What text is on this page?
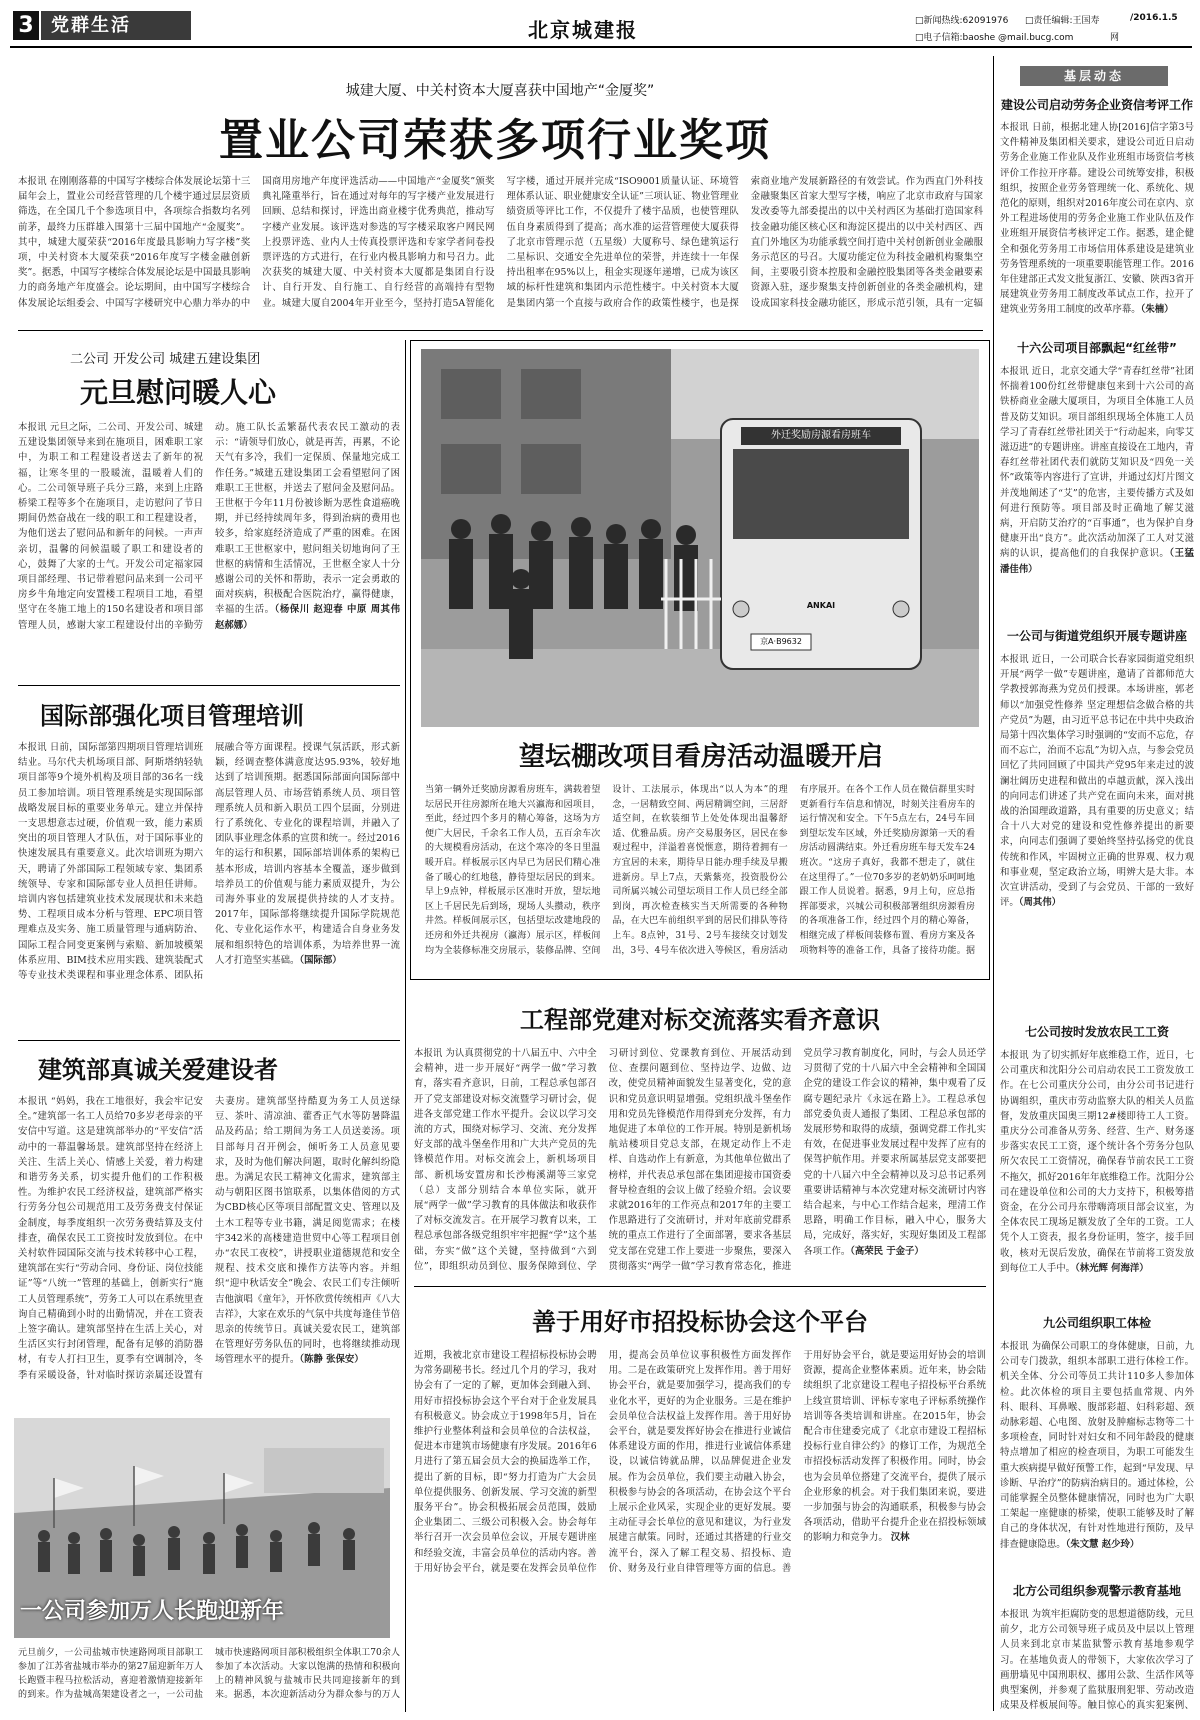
3 党群生活	北京城建报	□新闻热线:62091976	□责任编辑:王国寿	/2016.1.5
□电子信箱:baoshe @mail.bucg.com	网
基层动态
建设公司启动劳务企业资信考评工作
本报讯 日前，根据北建人协[2016]信字第3号文件精神及集团相关要求，建设公司近日启动劳务企业施工作业队及作业班组市场资信考核评价工作拉开序幕。建设公司统筹安排，积极组织，按照企业劳务管理统一化、系统化、规范化的原则，组织对2016年度公司在京内、京外工程进场使用的劳务企业施工作业队伍及作业班组开展资信考核评定工作。据悉，建企健全和强化劳务用工市场信用体系建设是建筑业劳务管理系统的一项重要职能管理工作。2016年住建部正式发文批复浙江、安徽、陕西3省开展建筑业劳务用工制度改革试点工作，拉开了建筑业劳务用工制度的改革序幕。（朱楠）
十六公司项目部飘起“红丝带”
本报讯 近日，北京交通大学“青春红丝带”社团怀揣着100份红丝带健康包来到十六公司的高铁桥商业金融大厦项目，为项目全体施工人员普及防艾知识。项目部组织现场全体施工人员学习了青春红丝带社团关于“行动起来，向零艾滋迈进”的专题讲座。讲座直接设在工地内，青春红丝带社团代表们就防艾知识及“四免一关怀”政策等内容进行了宣讲，并通过幻灯片图文并茂地阐述了“艾”的危害，主要传播方式及如何进行预防等。项目部及时正确地了解艾滋病，开启防艾治疗的“百事通”，也为保护自身健康开出“良方”。此次活动加深了工人对艾滋病的认识，提高他们的自我保护意识。（王猛 潘佳伟）
一公司与街道党组织开展专题讲座
本报讯 近日，一公司联合长春家园街道党组织开展“两学一做”专题讲座，邀请了首都师范大学教授郭海燕为党员们授课。本场讲座，郭老师以“加强党性修养 坚定理想信念做合格的共产党员”为题，由习近平总书记在中共中央政治局第十四次集体学习时强调的“安而不忘危，存而不忘亡，治而不忘乱”为切入点，与参会党员回忆了共同回顾了中国共产党95年来走过的波澜壮阔历史进程和做出的卓越贡献，深入浅出的向同志们讲述了共产党在面向未来，面对挑战的治国理政道路，具有重要的历史意义；结合十八大对党的建设和党性修养提出的新要求，向同志们强调了要始终坚持弘扬党的优良传统和作风，牢固树立正确的世界观、权力观和事业观，坚定政治立场，明辨大是大非。本次宣讲活动，受到了与会党员、干部的一致好评。（周其伟）
七公司按时发放农民工工资
本报讯 为了切实抓好年底维稳工作，近日，七公司重庆和沈阳分公司启动农民工工资发放工作。在七公司重庆分公司，由分公司书记进行协调组织，重庆市劳动监察大队的相关人员监督，发放重庆国奥三期12#楼即待工人工资。重庆分公司准备从劳务、经营、生产、财务逐步落实农民工工资，逐个统计各个劳务分包队所欠农民工工资情况，确保春节前农民工工资不拖欠，抓好2016年年底维稳工作。沈阳分公司在建设单位和公司的大力支持下，积极筹措资金，在分公司丹东带嗨湾项目部会议室，为全体农民工现场足额发放了全年的工资。工人凭个人工资表，报名身份证明，签字，接手回收，核对无误后发放，确保在节前将工资发放到每位工人手中。（林光辉 何海洋）
九公司组织职工体检
本报讯 为确保公司职工的身体健康，日前，九公司专门拨款，组织本部职工进行体检工作。机关全体、分公司等员工共计110多人参加体检。此次体检的项目主要包括血常规、内外科、眼科、耳鼻喉、腹部彩超、妇科彩超、颈动脉彩超、心电图、放射及肿瘤标志物等二十多项检查，同时针对妇女和不同年龄段的健康特点增加了相应的检查项目，为职工可能发生重大疾病提早做好预警工作，起到“早发现、早诊断、早治疗”的防病治病目的。通过体检，公司能掌握全员整体健康情况，同时也为广大职工架起一座健康的桥梁，使职工能够及时了解自己的身体状况，有针对性地进行预防，及早排查健康隐患。（朱文慧 赵少玲）
北方公司组织参观警示教育基地
本报讯 为筑牢拒腐防变的思想道德防线，元旦前夕，北方公司领导班子成员及中层以上管理人员来到北京市某监狱警示教育基地参观学习。在基地负责人的带领下，大家依次学习了画册墙见中国刑职权、挪用公款、生活作风等典型案例，并参观了监狱服刑犯罪、劳动改造成果及样板展间等。触目惊心的真实犯案例、
城建大厦、中关村资本大厦喜获中国地产“金厦奖”
置业公司荣获多项行业奖项
本报讯 在刚刚落幕的中国写字楼综合体发展论坛第十三届年会上，置业公司经营管理的几个楼宇通过层层资质筛选，在全国几千个参选项目中，各项综合指数均名列前茅，最终力压群雄入围第十三届中国地产“金厦奖”。其中，城建大厦荣获“2016年度最具影响力写字楼”奖项，中关村资本大厦荣获“2016年度写字楼金融创新奖”。据悉，中国写字楼综合体发展论坛是中国最具影响力的商务地产年度盛会。论坛期间，由中国写字楼综合体发展论坛组委会、中国写字楼研究中心鼎力举办的中国商用房地产年度评选活动——中国地产“金厦奖”颁奖典礼隆重举行，旨在通过对每年的写字楼产业发展进行回顾、总结和探讨，评选出商业楼宇优秀典范，推动写字楼产业发展。该评选对参选的写字楼采取客户网民网上投票评选、业内人士传真投票评选和专家学者问卷投票评选的方式进行，在行业内极具影响力和号召力。此次获奖的城建大厦、中关村资本大厦都是集团自行设计、自行开发、自行施工、自行经营的高端持有型物业。城建大厦自2004年开业至今，坚持打造5A智能化写字楼，通过开展并完成“ISO9001质量认证、环境管理体系认证、职业健康安全认证”三项认证、物业管理业绩资质等评比工作，不仅提升了楼宇品质，也使管理队伍自身素质得到了提高；高水准的运营管理使大厦获得了北京市管理示范（五星级）大厦称号、绿色建筑运行二星标识、交通安全先进单位的荣誉，并连续十一年保持出租率在95%以上，租金实现逐年递增，已成为该区域的标杆性建筑和集团内示范性楼宇。中关村资本大厦是集团内第一个直接与政府合作的政策性楼宇，也是探索商业地产发展新路径的有效尝试。作为西直门外科技金融聚集区首家大型写字楼，响应了北京市政府与国家发改委等九部委提出的以中关村西区为基础打造国家科技金融功能区核心区和海淀区提出的以中关村西区、西直门外地区为功能承载空间打造中关村创新创业金融服务示范区的号召。大厦功能定位为科技金融机构聚集空间，主要吸引资本控股和金融控股集团等各类金融要素资源入驻，逐步聚集支持创新创业的各类金融机构，建设成国家科技金融功能区，形成示范引领，具有一定辐
二公司 开发公司 城建五建设集团
元旦慰问暖人心
本报讯 元旦之际，二公司、开发公司、城建五建设集团领导来到在施项目，困难职工家中，为职工和工程建设者送去了新年的祝福，让寒冬里的一股暖流，温暖着人们的心。二公司领导班子兵分三路，来到上庄路桥梁工程等多个在施项目，走访慰问了节日期间仍然奋战在一线的职工和工程建设者，为他们送去了慰问品和新年的问候。一声声亲切，温馨的问候温暖了职工和建设者的心，鼓舞了大家的士气。开发公司定福家园项目部经理、书记带着慰问品来到一公司平房乡牛角地定向安置楼工程项目工地，看望坚守在冬施工地上的150名建设者和项目部管理人员，感谢大家工程建设付出的辛勤劳动。施工队长孟繁磊代表农民工激动的表示：“请领导们放心，就是再苦，再累，不论天气有多冷，我们一定保质、保量地完成工作任务。”城建五建设集团工会看望慰问了困难职工王世枢，并送去了慰问金及慰问品。王世枢于今年11月份被诊断为恶性食道癌晚期，并已经持续周年多，得到治病的费用也较多，给家庭经济造成了严重的困难。在困难职工王世枢家中，慰问组关切地询问了王世枢的病情和生活情况，王世枢全家人十分感谢公司的关怀和帮助，表示一定会勇敢的面对疾病，积极配合医院治疗，赢得健康，幸福的生活。（杨保川 赵迎春 中原 周其伟 赵郝娜）
国际部强化项目管理培训
本报讯 日前，国际部第四期项目管理培训班结业。马尔代夫机场项目部、阿斯塔纳轻轨项目部等9个境外机构及项目部的36名一线员工参加培训。项目管理系统是实现国际部战略发展目标的重要业务单元。建立并保持一支思想意志过硬，价值观一致，能力素质突出的项目管理人才队伍，对于国际事业的快速发展具有重要意义。此次培训班为期六天，聘请了外部国际工程领域专家、集团系统领导、专家和国际部专业人员担任讲师。培训内容包括建筑业技术发展现状和未来趋势、工程项目成本分析与管理、EPC项目管理难点及实务、施工质量管理与通病防治、国际工程合同变更案例与索赔、新加坡模架体系应用、BIM技术应用实践、建筑装配式等专业技术类课程和事业理念体系、团队拓展融合等方面课程。授课气氛活跃，形式新颖，经调查整体满意度达95.93%，较好地达到了培训预期。据悉国际部面向国际部中高层管理人员、市场营销系统人员、项目管理系统人员和新入职员工四个层面，分别进行了系统化、专业化的课程培训，并融入了团队事业理念体系的宣贯和统一。经过2016年的运行和积累，国际部培训体系的架构已基本形成，培训内容基本全覆盖，逐步做到培养员工的价值观与能力素质双提升，为公司海外事业的发展提供持续的人才支持。2017年，国际部将继续提升国际学院规范化、专业化运作水平，构建适合自身业务发展和组织特色的培训体系，为培养世界一流人才打造坚实基础。（国际部）
建筑部真诚关爱建设者
本报讯 “妈妈，我在工地很好，我会牢记安全。”建筑部一名工人员给70多岁老母亲的平安信中写道。这是建筑部举办的“平安信”活动中的一幕温馨场景。建筑部坚持在经济上关注、生活上关心、情感上关爱，着力构建和谐劳务关系，切实提升他们的工作积极性。为维护农民工经济权益，建筑部严格实行劳务分包公司规范用工及劳务费支付保证金制度，每季度组织一次劳务费结算及支付排查，确保农民工工资按时发放到位。在中关村软件园国际交流与技术转移中心工程，建筑部在实行“劳动合同、身份证、岗位技能证”等“八统一”管理的基础上，创新实行“施工人员管理系统”，劳务工人可以在系统里查询自己精确到小时的出勤情况，并在工资表上签字确认。建筑部坚持在生活上关心，对生活区实行封闭管理，配备有足够的消防器材，有专人打扫卫生，夏季有空调制冷，冬季有采暖设备，针对临时探访亲属还设置有夫妻房。建筑部坚持酷夏为务工人员送绿豆、茶叶、清凉油、藿香正气水等防暑降温品及药品；给工期间为务工人员送姜汤。项目部每月召开例会，倾听务工人员意见要求，及时为他们解决问题，取时化解纠纷隐患。为满足农民工精神文化需求，建筑部主动与朝阳区图书馆联系，以集体借阅的方式为CBD核心区等项目部配置文史、管理以及土木工程等专业书籍，满足阅览需求；在楼宇342米的高楼建造世贸中心等工程项目创办“农民工夜校”，讲授职业道德规范和安全规程、技术交底和操作方法等内容。并组织“迎中秋话安全”晚会、农民工们专注倾听吉他演唱《童年》，开怀欣赏传统相声《八大吉祥》，大家在欢乐的气氛中共度每逢佳节倍思亲的传统节日。真诚关爱农民工，建筑部在管理好劳务队伍的同时，也将继续推动现场管理水平的提升。（陈静 张保安）
一公司参加万人长跑迎新年
元旦前夕，一公司盐城市快速路网项目部职工参加了江苏省盐城市举办的第27届迎新年万人长跑暨丰程马拉松活动，喜迎着激情迎接新年的到来。作为盐城高架建设者之一，一公司盐城市快速路网项目部积极组织全体职工70余人参加了本次活动。大家以饱满的热情和积极向上的精神风貌与盐城市民共同迎接新年的到来。据悉，本次迎新活动分为群众参与的万人
外迁奖励房源看房班车
ANKAI
京A·B9632
望坛棚改项目看房活动温暖开启
当第一辆外迁奖励房源看房班车，满载着望坛居民开往房源所在地大兴瀛海和园项目，至此，经过四个多月的精心筹备，这场为方便广大居民，千余名工作人员，五百余车次的大规模看房活动，在这个寒冷的冬日里温暖开启。样板展示区内早已为居民们精心准备了暖心的红地毯，静待望坛居民的到来。早上9点钟，样板展示区准时开放，望坛地区上千居民先后到场，现场人头攒动，秩序井然。样板间展示区，包括望坛改建地段的还房和外迁共视房（瀛海）展示区，样板间均为全装修标准交房展示，装修品牌、空间设计、工法展示，体现出“以人为本”的理念，一居精致空间、两居精调空间，三居舒适空间，在软装细节上处处体现出温馨舒适、优雅品质。房产交易服务区，居民在参观过程中，洋溢着喜悦惬意，期待着拥有一方宜居的未来，期待早日能办理手续及早搬进新房。早上7点，天紫紫亮，投资股份公司所属兴城公司望坛项目工作人员已经全部到岗，再次检查核实当天所需要的各种物品，在大巴车前组织平到的居民们排队等待上车。8点钟，31号、2号车接续交讨划发出，3号、4号车依次进入等候区，看房活动有序展开。在各个工作人员在微信群里实时更新看行车信息和情况，时刻关注看房车的运行情况和安全。下午5点左右，24号车回到望坛发车区域，外迁奖励房源第一天的看房活动圆满结束。外迁看房班车每天发车24班次。“这房子真好，我都不想走了，就住在这里得了。”一位70多岁的老奶奶乐呵呵地跟工作人员说着。据悉，9月上旬，应总指挥部要求，兴城公司积极部署组织房源看房的各项准备工作，经过四个月的精心筹备，相继完成了样板间装修布置、看房方案及各项物料等的准备工作，具备了接待功能。据
工程部党建对标交流落实看齐意识
本报讯 为认真贯彻党的十八届五中、六中全会精神，进一步开展好“两学一做”学习教育，落实看齐意识，日前，工程总承包部召开了党支部建设对标交流暨学习研讨会，促进各支部党建工作水平提升。会议以学习交流的方式，围绕对标学习、交流、充分发挥好支部的战斗堡垒作用和广大共产党员的先锋模范作用。对标交流会上，新机场项目部、新机场安置房和长沙梅溪湖等三家党（总）支部分别结合本单位实际，就开展“两学一做”学习教育的具体做法和收获作了对标交流发言。在开展学习教育以来，工程总承包部各级党组织牢牢把握“学”这个基础，夯实“做”这个关键，坚持做到“六到位”，即组织动员到位、服务保障到位、学习研讨到位、党课教育到位、开展活动到位、查摆问题到位、坚持边学、边做、边改，使党员精神面貌发生显著变化，党的意识和党员意识明显增强。党组织战斗堡垒作用和党员先锋模范作用得到充分发挥，有力地促进了本单位的工作开展。特别是新机场航站楼项目党总支部，在规定动作上不走样、自选动作上有新意，为其他单位做出了榜样，并代表总承包部在集团迎接市国资委督导检查组的会议上做了经验介绍。会议要求就2016年的工作亮点和2017年的主要工作思路进行了交流研讨，并对年底前党群系统的重点工作进行了全面部署，要求各基层党支部在党建工作上要进一步聚焦，要深入贯彻落实“两学一做”学习教育常态化，推进党员学习教育制度化，同时，与会人员还学习贯彻了党的十八届六中全会精神和全国国企党的建设工作会议的精神，集中观看了反腐专题纪录片《永远在路上》。工程总承包部党委负责人通报了集团、工程总承包部的发展形势和取得的成绩，强调党群工作扎实有效，在促进事业发展过程中发挥了应有的保驾护航作用。并要求所属基层党支部要把党的十八届六中全会精神以及习总书记系列重要讲话精神与本次党建对标交流研讨内容结合起来，与中心工作结合起来，理清工作思路，明确工作目标，融入中心，服务大局，完成好，落实好，实现好集团及工程部各项工作。（高荣民 于金子）
善于用好市招投标协会这个平台
近期，我被北京市建设工程招标投标协会聘为常务副秘书长。经过几个月的学习，我对协会有了一定的了解，更加体会到融入到、用好市招投标协会这个平台对于企业发展具有积极意义。协会成立于1998年5月，旨在维护行业整体利益和会员单位的合法权益，促进本市建筑市场健康有序发展。2016年6月进行了第五届会员大会的换届选举工作，提出了新的目标，即“努力打造为广大会员单位提供服务、创新发展、学习交流的新型服务平台”。协会积极拓展会员范围，鼓励企业集团二、三级公司积极入会。协会每年举行召开一次会员单位会议，开展专题讲座和经验交流，丰富会员单位的活动内容。善于用好协会平台，就是要在发挥会员单位作用，提高会员单位议事积极性方面发挥作用。二是在政策研究上发挥作用。善于用好协会平台，就是要加强学习，提高我们的专业化水平，更好的为企业服务。三是在维护会员单位合法权益上发挥作用。善于用好协会平台，就是要发挥好协会在推进行业诚信体系建设方面的作用，推进行业诚信体系建设，以诚信铸就品牌，以品牌促进企业发展。作为会员单位，我们要主动融入协会，积极参与协会的各项活动，在协会这个平台上展示企业风采，实现企业的更好发展。要主动征寻会长单位的意见和建议，为行业发展建言献策。同时，还通过其搭建的行业交流平台，深入了解工程交易、招投标、造价、财务及行业自律管理等方面的信息。善于用好协会平台，就是要运用好协会的培训资源，提高企业整体素质。近年来，协会陆续组织了北京建设工程电子招投标平台系统上线宣贯培训、评标专家电子评标系统操作培训等各类培训和讲座。在2015年，协会配合市住建委完成了《北京市建设工程招标投标行业自律公约》的修订工作，为规范全市招投标活动发挥了积极作用。同时，协会也为会员单位搭建了交流平台，提供了展示企业形象的机会。对于我们集团来说，要进一步加强与协会的沟通联系，积极参与协会各项活动，借助平台提升企业在招投标领域的影响力和竞争力。 汉林
